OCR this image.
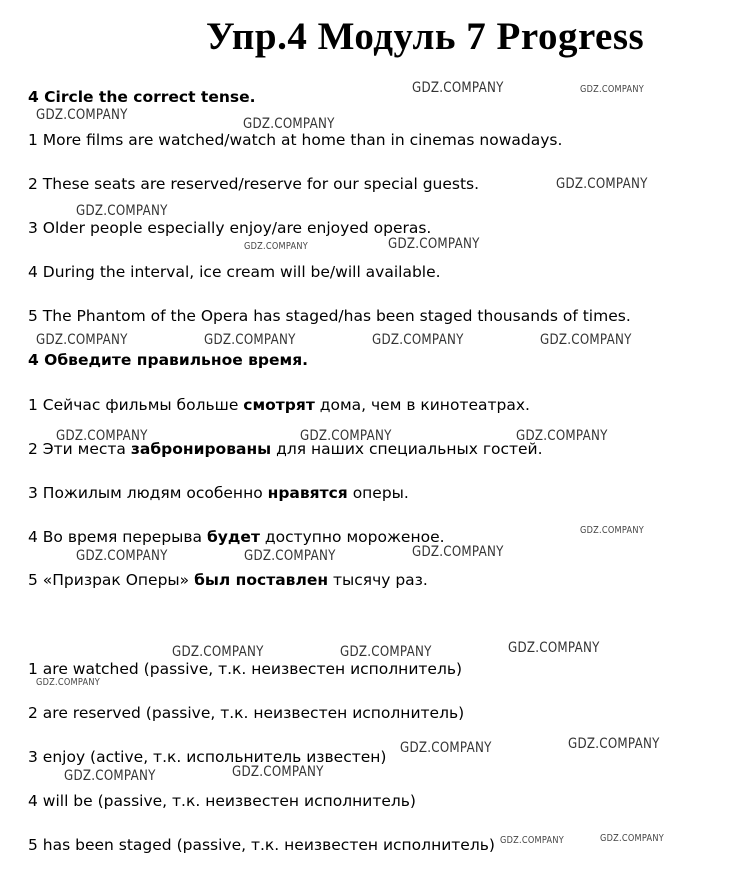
Упр.4 Модуль 7 Progress
4 Circle the correct tense.
1 More films are watched/watch at home than in cinemas nowadays.
2 These seats are reserved/reserve for our special guests.
3 Older people especially enjoy/are enjoyed operas.
4 During the interval, ice cream will be/will available.
5 The Phantom of the Opera has staged/has been staged thousands of times.
4 Обведите правильное время.
1 Сейчас фильмы больше смотрят дома, чем в кинотеатрах.
2 Эти места забронированы для наших специальных гостей.
3 Пожилым людям особенно нравятся оперы.
4 Во время перерыва будет доступно мороженое.
5 «Призрак Оперы» был поставлен тысячу раз.
1 are watched (passive, т.к. неизвестен исполнитель)
2 are reserved (passive, т.к. неизвестен исполнитель)
3 enjoy (active, т.к. испольнитель известен)
4 will be (passive, т.к. неизвестен исполнитель)
5 has been staged (passive, т.к. неизвестен исполнитель)
GDZ.COMPANY	GDZ.COMPANY
GDZ.COMPANY
GDZ.COMPANY
GDZ.COMPANY
GDZ.COMPANY
GDZ.COMPANY	GDZ.COMPANY
GDZ.COMPANY	GDZ.COMPANY	GDZ.COMPANY	GDZ.COMPANY
GDZ.COMPANY	GDZ.COMPANY	GDZ.COMPANY
GDZ.COMPANY
GDZ.COMPANY	GDZ.COMPANY	GDZ.COMPANY
GDZ.COMPANY	GDZ.COMPANY	GDZ.COMPANY
GDZ.COMPANY
GDZ.COMPANY	GDZ.COMPANY
GDZ.COMPANY	GDZ.COMPANY
GDZ.COMPANY	GDZ.COMPANY
